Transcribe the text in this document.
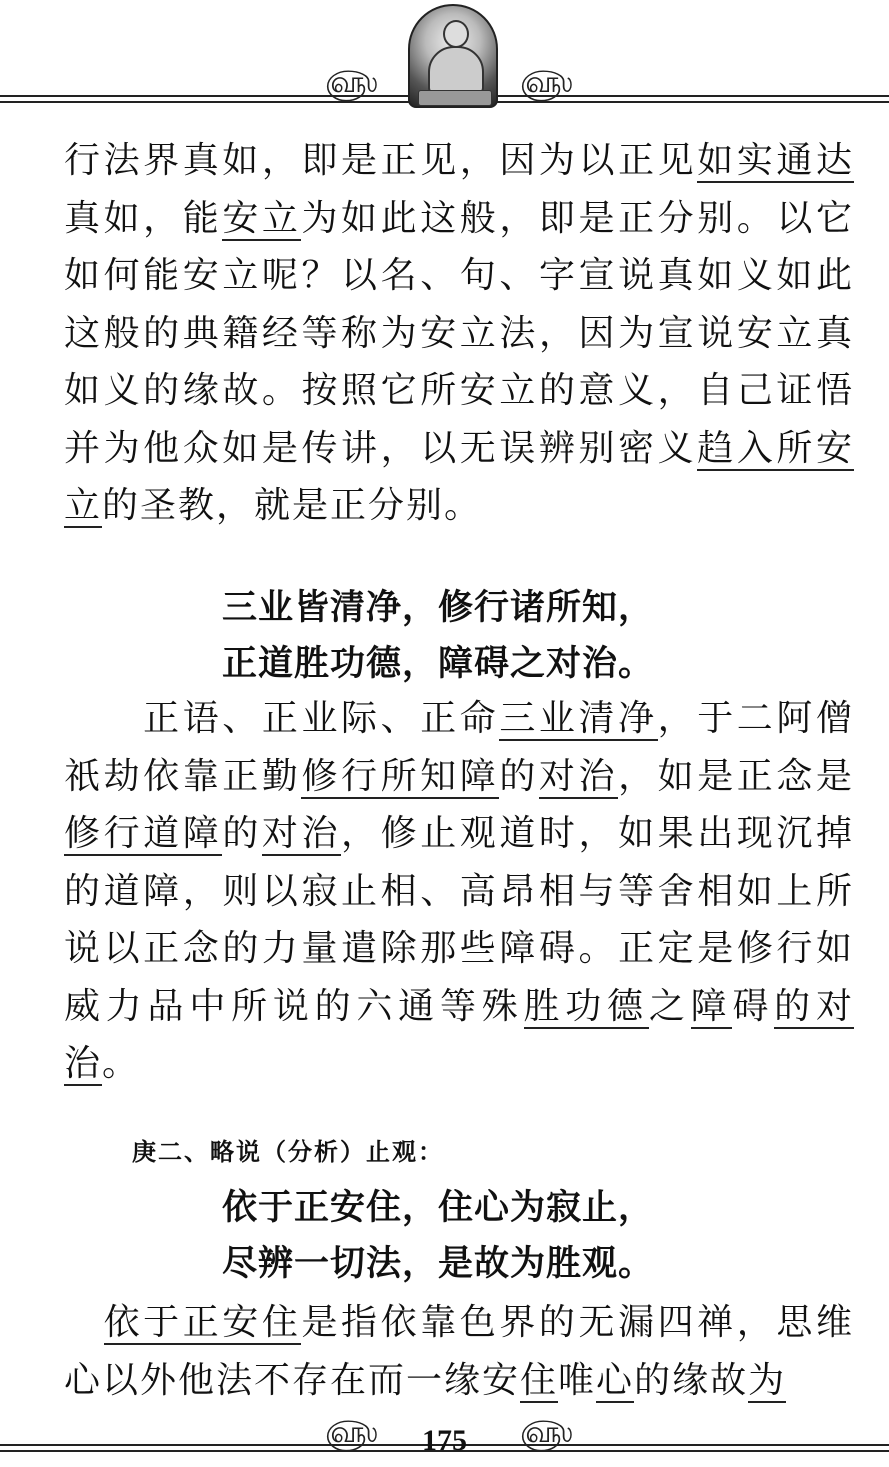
௵	௵

行法界真如，即是正见，因为以正见如实通达真如，能安立为如此这般，即是正分别。以它如何能安立呢？以名、句、字宣说真如义如此这般的典籍经等称为安立法，因为宣说安立真如义的缘故。按照它所安立的意义，自己证悟并为他众如是传讲，以无误辨别密义趋入所安立的圣教，就是正分别。

三业皆清净，修行诸所知，
正道胜功德，障碍之对治。

　　正语、正业际、正命三业清净，于二阿僧祇劫依靠正勤修行所知障的对治，如是正念是修行道障的对治，修止观道时，如果出现沉掉的道障，则以寂止相、高昂相与等舍相如上所说以正念的力量遣除那些障碍。正定是修行如威力品中所说的六通等殊胜功德之障碍的对治。

庚二、略说（分析）止观：
依于正安住，住心为寂止，
尽辨一切法，是故为胜观。

　依于正安住是指依靠色界的无漏四禅，思维心以外他法不存在而一缘安住唯心的缘故为

௵	௵
175
